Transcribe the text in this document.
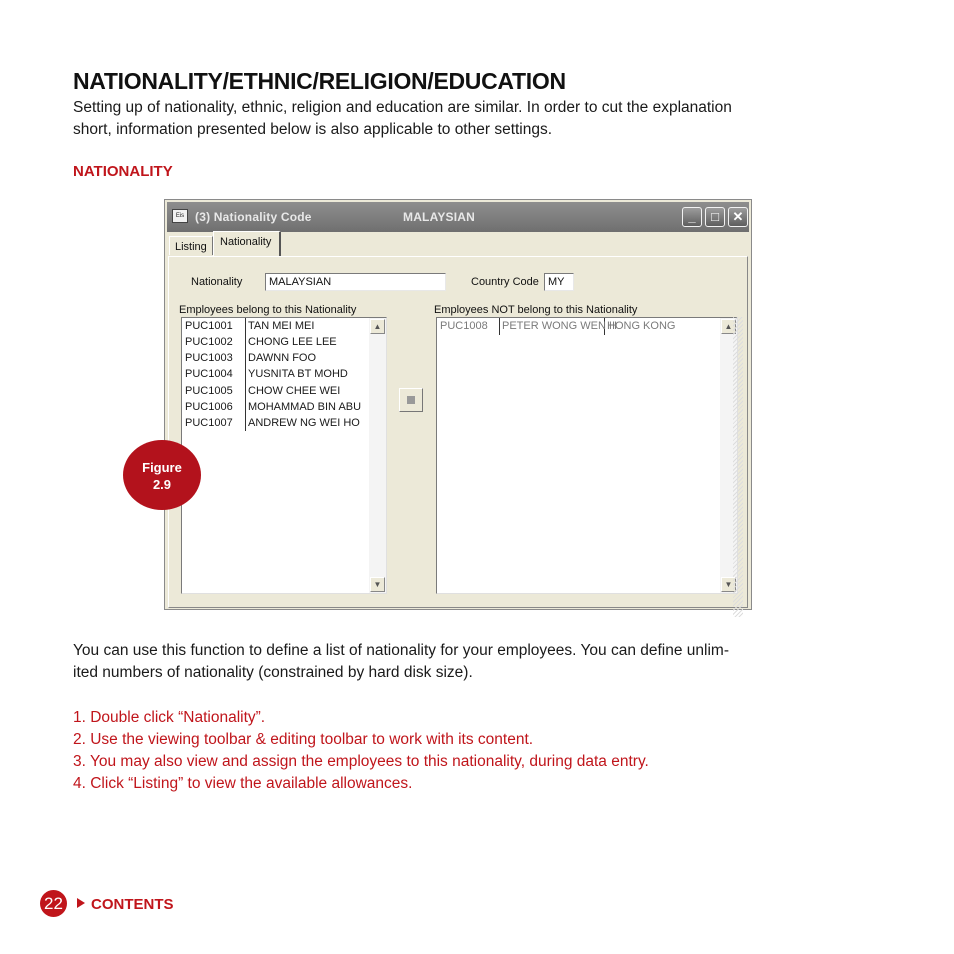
NATIONALITY/ETHNIC/RELIGION/EDUCATION
Setting up of nationality, ethnic, religion and education are similar. In order to cut the explanation
short, information presented below is also applicable to other settings.
NATIONALITY
Eis (3) Nationality Code	MALAYSIAN	_	□	✕
Listing	Nationality
Nationality	MALAYSIAN	Country Code MY
Employees belong to this Nationality	Employees NOT belong to this Nationality
PUC1001 TAN MEI MEI
PUC1002 CHONG LEE LEE
PUC1003 DAWNN FOO
PUC1004 YUSNITA BT MOHD
PUC1005 CHOW CHEE WEI
PUC1006 MOHAMMAD BIN ABU
PUC1007 ANDREW NG WEI HO
▲
▼
PUC1008 PETER WONG WEN H
HONG KONG	▲
▼
Figure
2.9
You can use this function to define a list of nationality for your employees. You can define unlim-
ited numbers of nationality (constrained by hard disk size).
1. Double click “Nationality”.
2. Use the viewing toolbar & editing toolbar to work with its content.
3. You may also view and assign the employees to this nationality, during data entry.
4. Click “Listing” to view the available allowances.
22	CONTENTS
